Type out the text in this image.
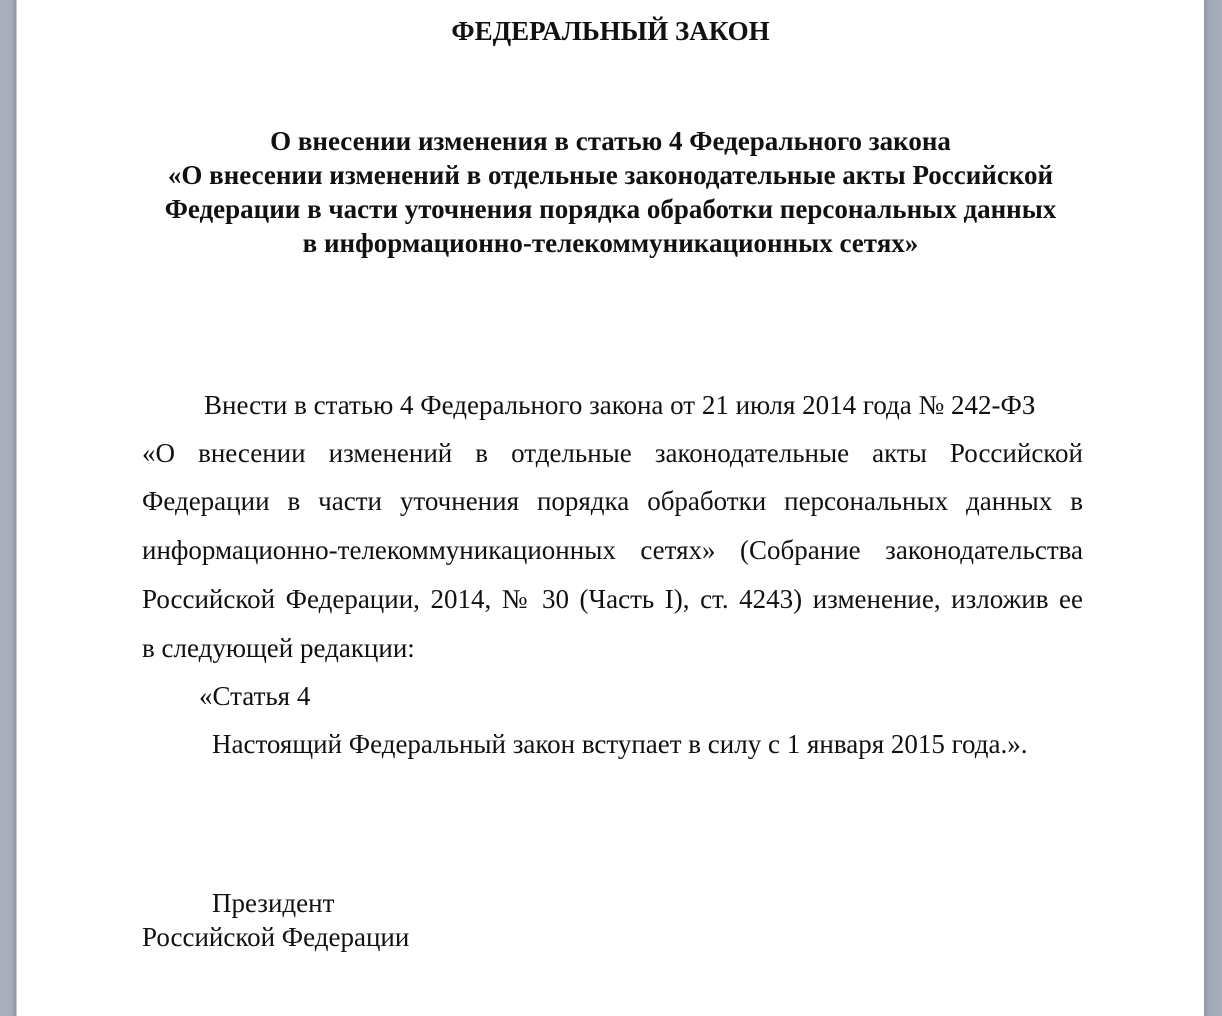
ФЕДЕРАЛЬНЫЙ ЗАКОН
О внесении изменения в статью 4 Федерального закона
«О внесении изменений в отдельные законодательные акты Российской
Федерации в части уточнения порядка обработки персональных данных
в информационно-телекоммуникационных сетях»
Внести в статью 4 Федерального закона от 21 июля 2014 года № 242-ФЗ
«О внесении изменений в отдельные законодательные акты Российской
Федерации в части уточнения порядка обработки персональных данных в
информационно-телекоммуникационных сетях» (Собрание законодательства
Российской Федерации, 2014, № 30 (Часть I), ст. 4243) изменение, изложив ее
в следующей редакции:
«Статья 4
Настоящий Федеральный закон вступает в силу с 1 января 2015 года.».
Президент
Российской Федерации
